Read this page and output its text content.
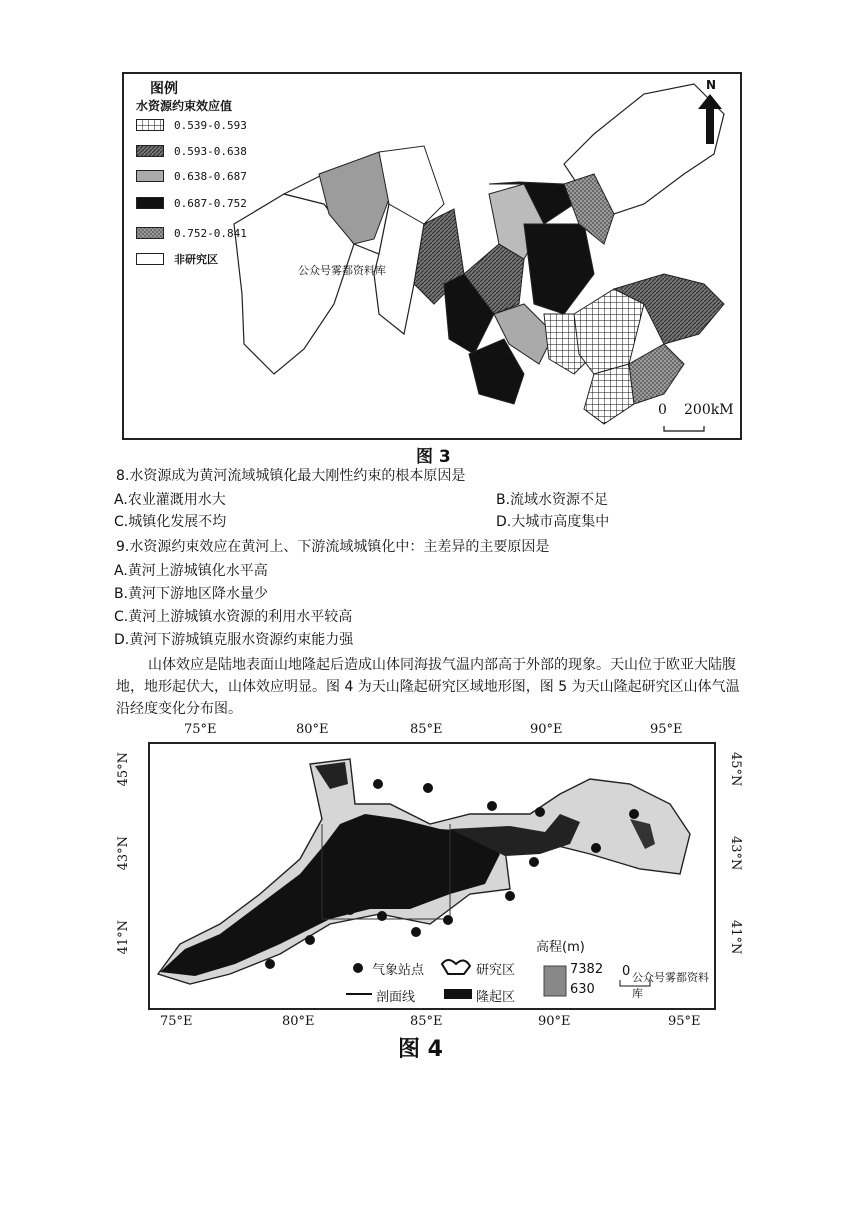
图例
水资源约束效应值
0.539-0.593
0.593-0.638
0.638-0.687
0.687-0.752
0.752-0.841
非研究区
N
公众号雾都资料库
0 200kM
图 3
8.水资源成为黄河流域城镇化最大刚性约束的根本原因是
A.农业灌溉用水大	B.流域水资源不足
C.城镇化发展不均	D.大城市高度集中
9.水资源约束效应在黄河上、下游流域城镇化中：主差异的主要原因是
A.黄河上游城镇化水平高
B.黄河下游地区降水量少
C.黄河上游城镇水资源的利用水平较高
D.黄河下游城镇克服水资源约束能力强
山体效应是陆地表面山地隆起后造成山体同海拔气温内部高于外部的现象。天山位于欧亚大陆腹
地，地形起伏大，山体效应明显。图 4 为天山隆起研究区域地形图，图 5 为天山隆起研究区山体气温
沿经度变化分布图。
75°E	80°E	85°E	90°E	95°E
75°E	80°E	85°E	90°E	95°E
45°N
43°N
41°N
45°N
43°N
41°N
气象站点	研究区
剖面线	隆起区
高程(m)
7382
630
0 公众号雾都资料库
图 4
